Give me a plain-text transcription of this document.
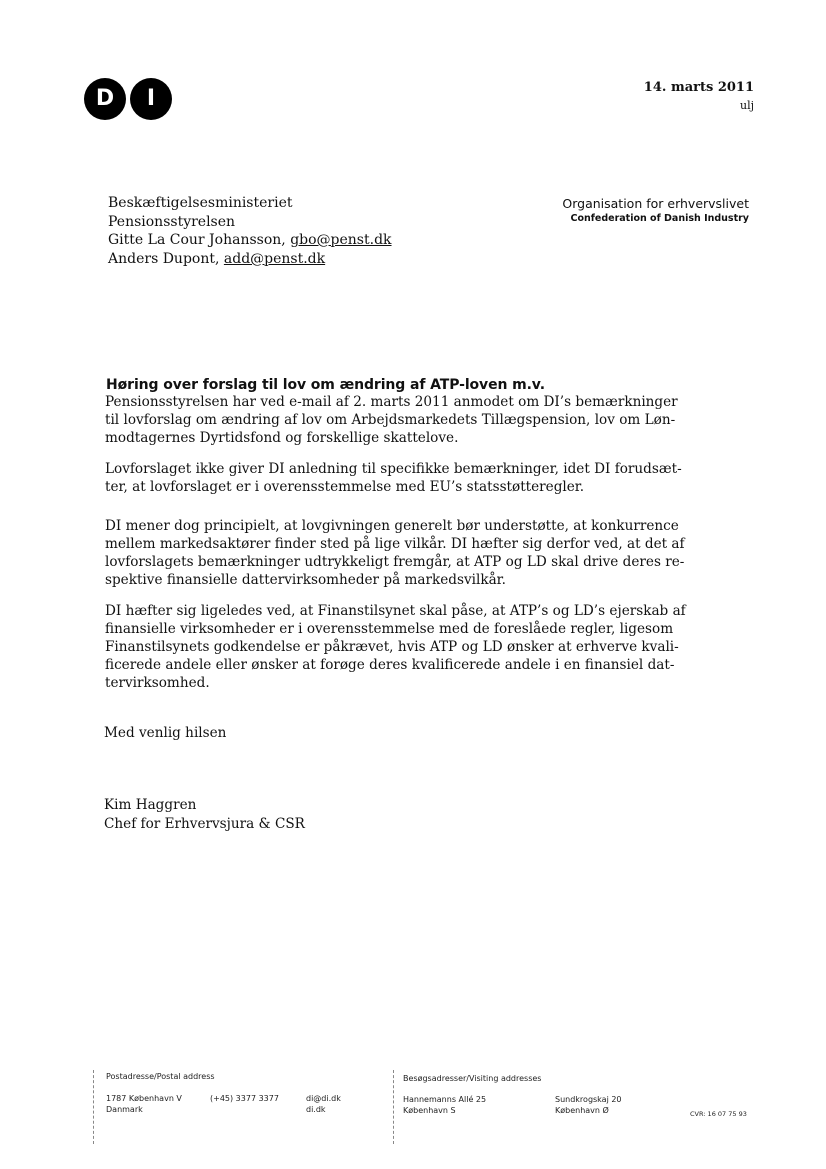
D	I	14. marts 2011
ulj
Beskæftigelsesministeriet
Pensionsstyrelsen
Gitte La Cour Johansson, gbo@penst.dk
Anders Dupont, add@penst.dk
Organisation for erhvervslivet
Confederation of Danish Industry
Høring over forslag til lov om ændring af ATP-loven m.v.
Pensionsstyrelsen har ved e-mail af 2. marts 2011 anmodet om DI’s bemærkninger
til lovforslag om ændring af lov om Arbejdsmarkedets Tillægspension, lov om Løn-
modtagernes Dyrtidsfond og forskellige skattelove.
Lovforslaget ikke giver DI anledning til specifikke bemærkninger, idet DI forudsæt-
ter, at lovforslaget er i overensstemmelse med EU’s statsstøtteregler.
DI mener dog principielt, at lovgivningen generelt bør understøtte, at konkurrence
mellem markedsaktører finder sted på lige vilkår. DI hæfter sig derfor ved, at det af
lovforslagets bemærkninger udtrykkeligt fremgår, at ATP og LD skal drive deres re-
spektive finansielle dattervirksomheder på markedsvilkår.
DI hæfter sig ligeledes ved, at Finanstilsynet skal påse, at ATP’s og LD’s ejerskab af
finansielle virksomheder er i overensstemmelse med de foreslåede regler, ligesom
Finanstilsynets godkendelse er påkrævet, hvis ATP og LD ønsker at erhverve kvali-
ficerede andele eller ønsker at forøge deres kvalificerede andele i en finansiel dat-
tervirksomhed.
Med venlig hilsen
Kim Haggren
Chef for Erhvervsjura & CSR
Postadresse/Postal address
1787 København V
Danmark
(+45) 3377 3377	di@di.dk
di.dk
Besøgsadresser/Visiting addresses
Hannemanns Allé 25
København S
Sundkrogskaj 20
København Ø	CVR: 16 07 75 93
